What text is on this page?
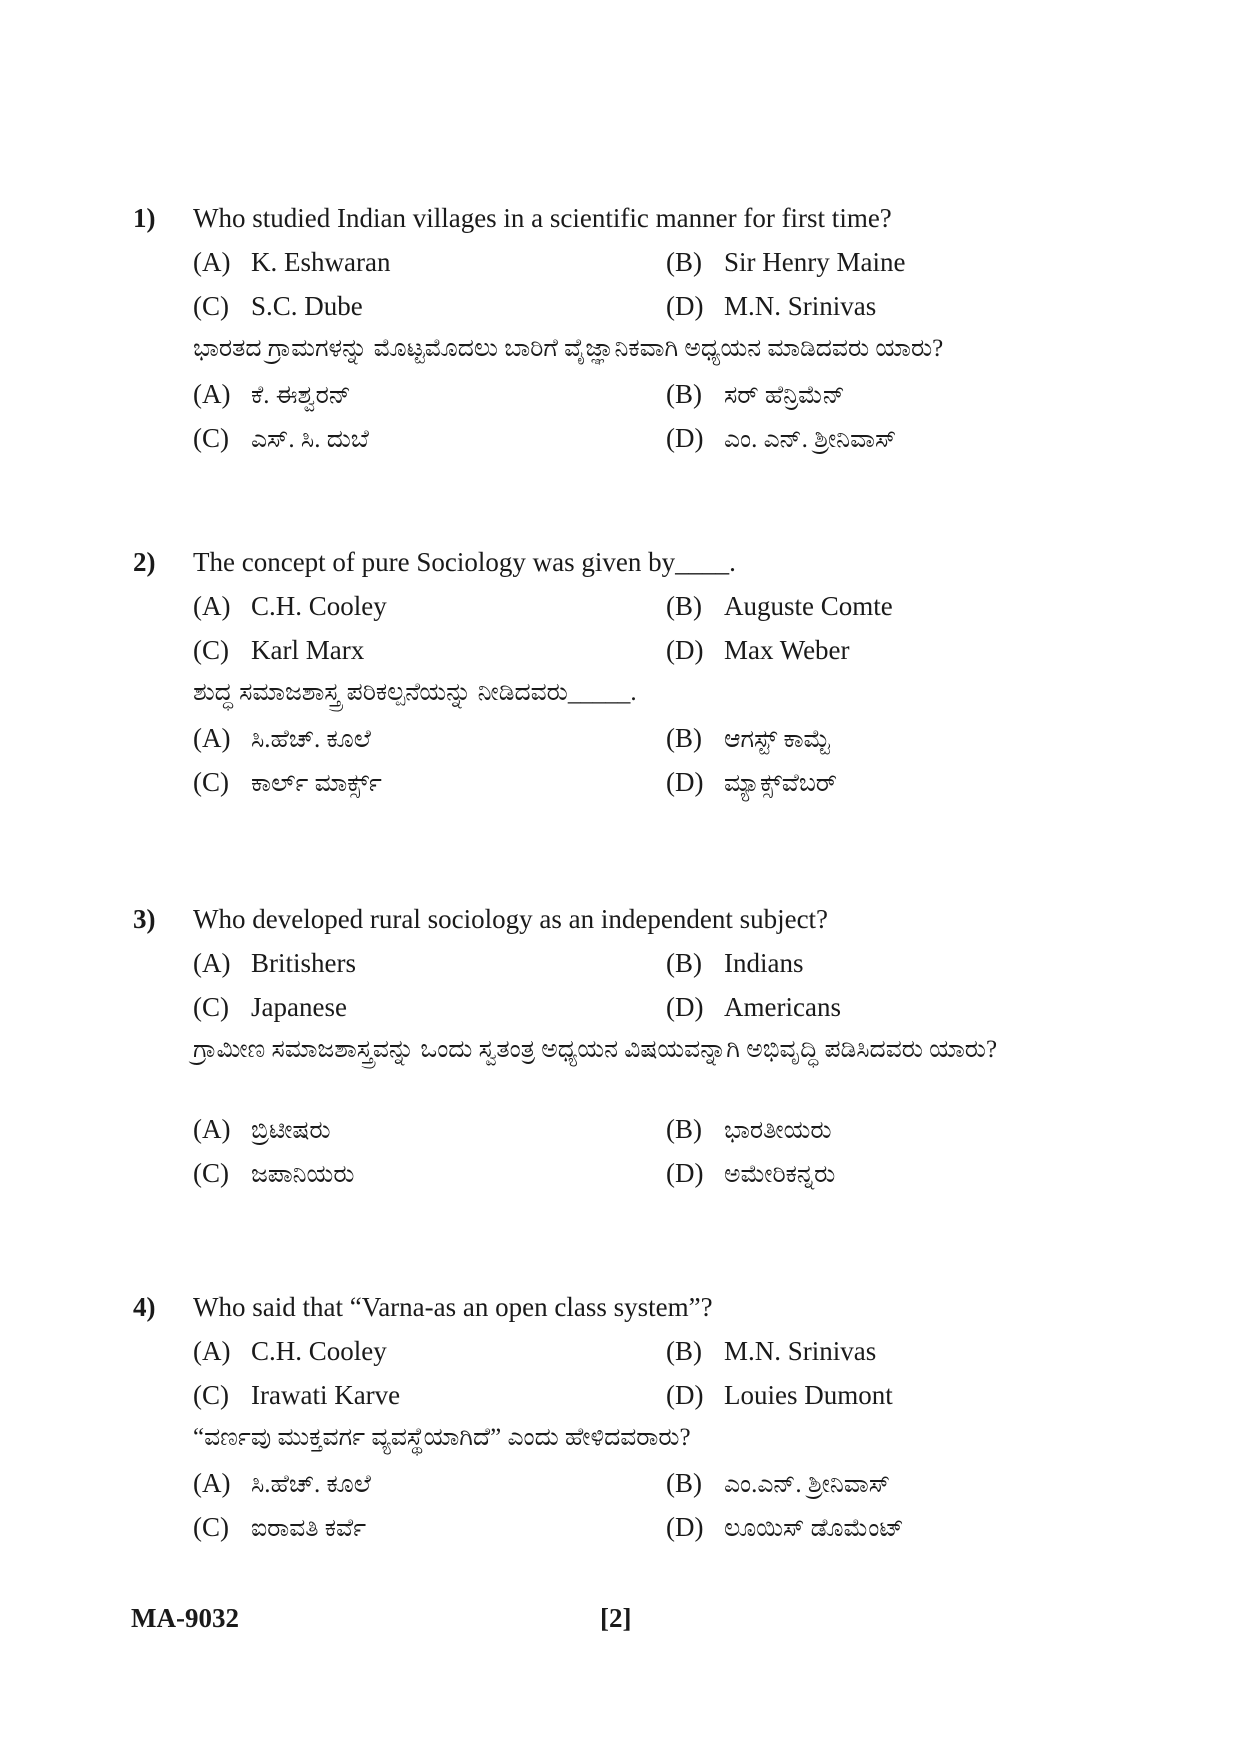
1) Who studied Indian villages in a scientific manner for first time?
(A) K. Eshwaran	(B) Sir Henry Maine
(C) S.C. Dube	(D) M.N. Srinivas
ಭಾರತದ ಗ್ರಾಮಗಳನ್ನು ಮೊಟ್ಟಮೊದಲು ಬಾರಿಗೆ ವೈಜ್ಞಾನಿಕವಾಗಿ ಅಧ್ಯಯನ ಮಾಡಿದವರು ಯಾರು?
(A) ಕೆ. ಈಶ್ವರನ್	(B) ಸರ್ ಹೆನ್ರಿಮೆನ್
(C) ಎಸ್. ಸಿ. ದುಬೆ	(D) ಎಂ. ಎನ್. ಶ್ರೀನಿವಾಸ್
2) The concept of pure Sociology was given by____.
(A) C.H. Cooley	(B) Auguste Comte
(C) Karl Marx	(D) Max Weber
ಶುದ್ಧ ಸಮಾಜಶಾಸ್ತ್ರ ಪರಿಕಲ್ಪನೆಯನ್ನು ನೀಡಿದವರು_____.
(A) ಸಿ.ಹೆಚ್. ಕೂಲೆ	(B) ಆಗಸ್ಟ್ ಕಾಮ್ಟೆ
(C) ಕಾರ್ಲ್ ಮಾರ್ಕ್ಸ್	(D) ಮ್ಯಾಕ್ಸ್‌ವೆಬರ್
3) Who developed rural sociology as an independent subject?
(A) Britishers	(B) Indians
(C) Japanese	(D) Americans
ಗ್ರಾಮೀಣ ಸಮಾಜಶಾಸ್ತ್ರವನ್ನು ಒಂದು ಸ್ವತಂತ್ರ ಅಧ್ಯಯನ ವಿಷಯವನ್ನಾಗಿ ಅಭಿವೃದ್ಧಿ ಪಡಿಸಿದವರು ಯಾರು?
(A) ಬ್ರಿಟೀಷರು	(B) ಭಾರತೀಯರು
(C) ಜಪಾನಿಯರು	(D) ಅಮೇರಿಕನ್ನರು
4) Who said that “Varna-as an open class system”?
(A) C.H. Cooley	(B) M.N. Srinivas
(C) Irawati Karve	(D) Louies Dumont
“ವರ್ಣವು ಮುಕ್ತವರ್ಗ ವ್ಯವಸ್ಥೆಯಾಗಿದೆ” ಎಂದು ಹೇಳಿದವರಾರು?
(A) ಸಿ.ಹೆಚ್. ಕೂಲೆ	(B) ಎಂ.ಎನ್. ಶ್ರೀನಿವಾಸ್
(C) ಐರಾವತಿ ಕರ್ವೆ	(D) ಲೂಯಿಸ್ ಡೊಮೆಂಟ್
MA-9032	[2]
